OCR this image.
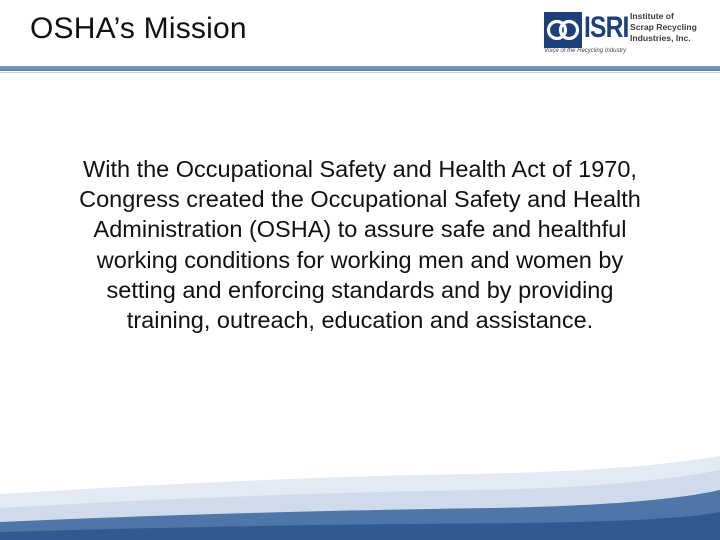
OSHA’s Mission	ISRI Institute of
Scrap Recycling
Industries, Inc.
Voice of the Recycling Industry

With the Occupational Safety and Health Act of 1970, Congress created the Occupational Safety and Health Administration (OSHA) to assure safe and healthful working conditions for working men and women by setting and enforcing standards and by providing training, outreach, education and assistance.
